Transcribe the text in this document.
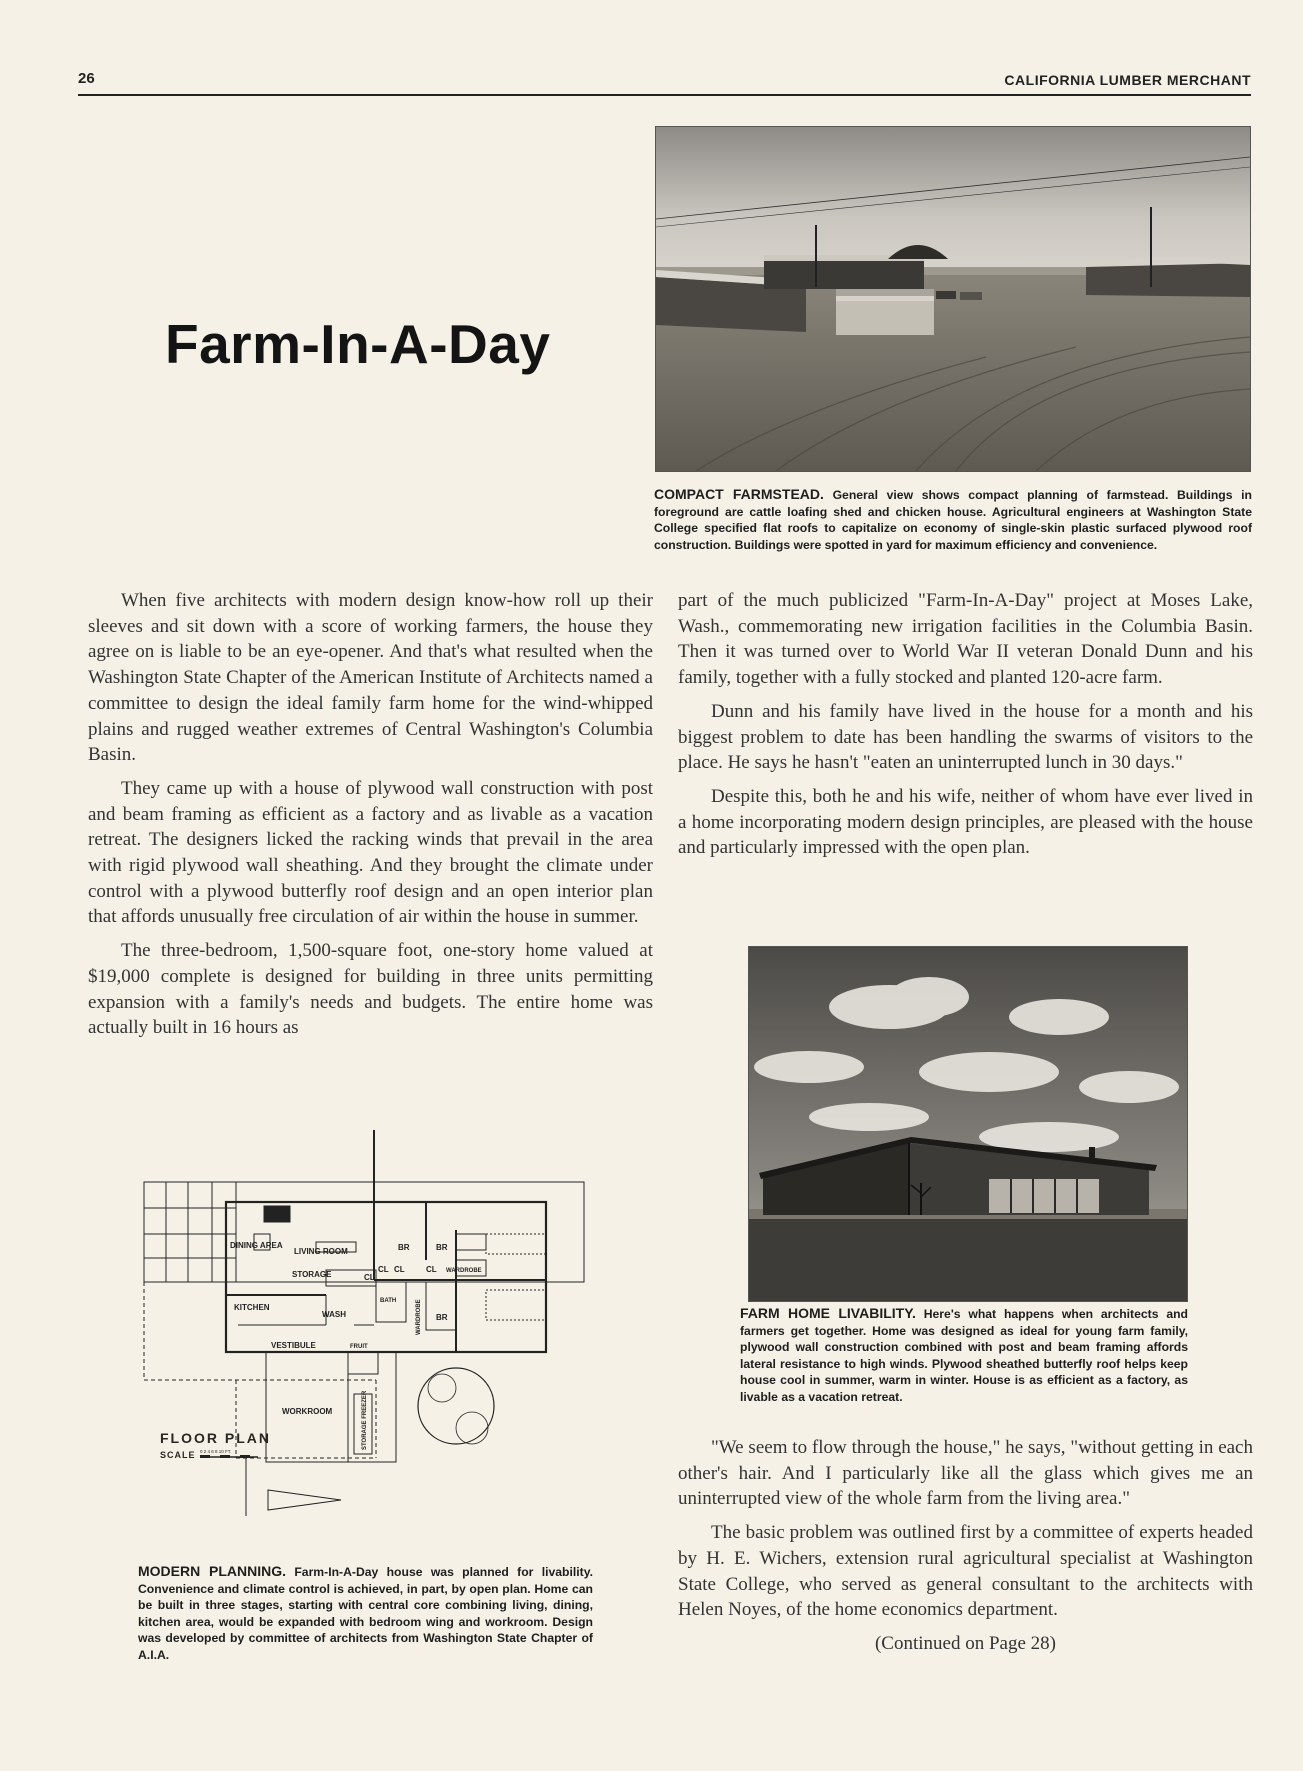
26	CALIFORNIA LUMBER MERCHANT
Farm-In-A-Day
COMPACT FARMSTEAD. General view shows compact planning of farmstead. Buildings in foreground are cattle loafing shed and chicken house. Agricultural engineers at Washington State College specified flat roofs to capitalize on economy of single-skin plastic surfaced plywood roof construction. Buildings were spotted in yard for maximum efficiency and convenience.

When five architects with modern design know-how roll up their sleeves and sit down with a score of working farmers, the house they agree on is liable to be an eye-opener. And that's what resulted when the Washington State Chapter of the American Institute of Architects named a committee to design the ideal family farm home for the wind-whipped plains and rugged weather extremes of Central Washington's Columbia Basin.

They came up with a house of plywood wall construction with post and beam framing as efficient as a factory and as livable as a vacation retreat. The designers licked the racking winds that prevail in the area with rigid plywood wall sheathing. And they brought the climate under control with a plywood butterfly roof design and an open interior plan that affords unusually free circulation of air within the house in summer.

The three-bedroom, 1,500-square foot, one-story home valued at $19,000 complete is designed for building in three units permitting expansion with a family's needs and budgets. The entire home was actually built in 16 hours as

part of the much publicized "Farm-In-A-Day" project at Moses Lake, Wash., commemorating new irrigation facilities in the Columbia Basin. Then it was turned over to World War II veteran Donald Dunn and his family, together with a fully stocked and planted 120-acre farm.

Dunn and his family have lived in the house for a month and his biggest problem to date has been handling the swarms of visitors to the place. He says he hasn't "eaten an uninterrupted lunch in 30 days."

Despite this, both he and his wife, neither of whom have ever lived in a home incorporating modern design principles, are pleased with the house and particularly impressed with the open plan.

FARM HOME LIVABILITY. Here's what happens when architects and farmers get together. Home was designed as ideal for young farm family, plywood wall construction combined with post and beam framing affords lateral resistance to high winds. Plywood sheathed butterfly roof helps keep house cool in summer, warm in winter. House is as efficient as a factory, as livable as a vacation retreat.

"We seem to flow through the house," he says, "without getting in each other's hair. And I particularly like all the glass which gives me an uninterrupted view of the whole farm from the living area."

The basic problem was outlined first by a committee of experts headed by H. E. Wichers, extension rural agricultural specialist at Washington State College, who served as general consultant to the architects with Helen Noyes, of the home economics department.

(Continued on Page 28)

DINING AREA
LIVING ROOM	BR	BR
BR
CL CL	CL
CL
WARDROBE
WARDROBE
STORAGE
KITCHEN
WASH
BATH
VESTIBULE	FRUIT
WORKROOM	STORAGE FREEZER
FLOOR PLAN
SCALE 0 2 4 6 8 10 FT.
MODERN PLANNING. Farm-In-A-Day house was planned for livability. Convenience and climate control is achieved, in part, by open plan. Home can be built in three stages, starting with central core combining living, dining, kitchen area, would be expanded with bedroom wing and workroom. Design was developed by committee of architects from Washington State Chapter of A.I.A.
